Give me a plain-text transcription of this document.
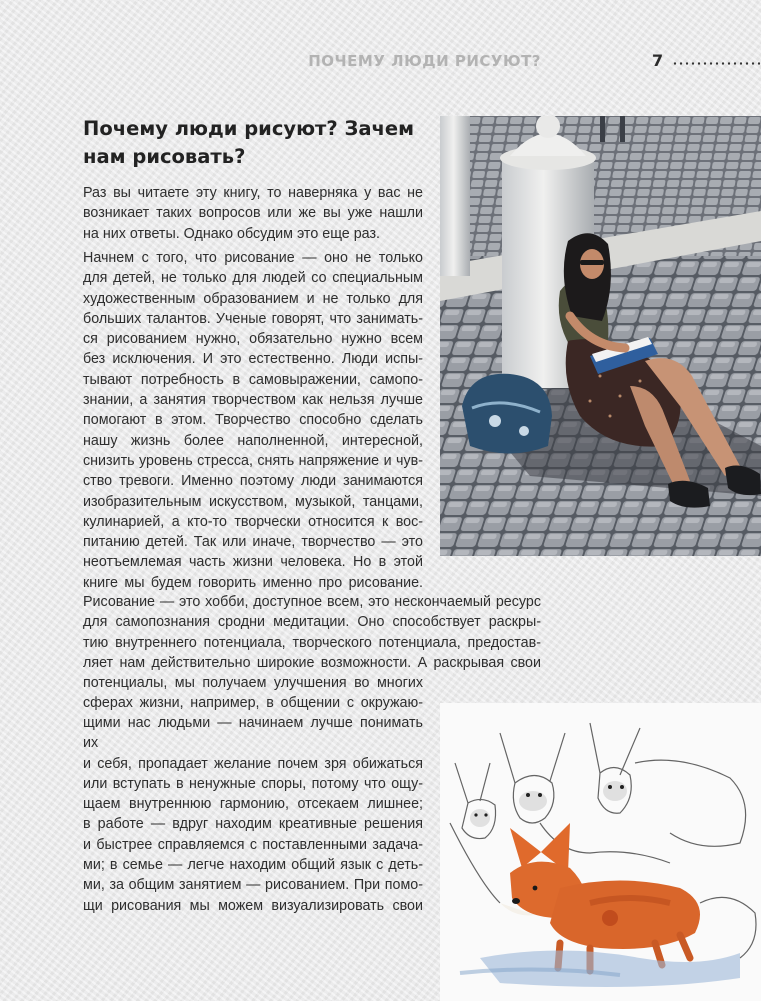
ПОЧЕМУ ЛЮДИ РИСУЮТ?	7
Почему люди рисуют? Зачем
нам рисовать?

Раз вы читаете эту книгу, то наверняка у вас не
возникает таких вопросов или же вы уже нашли
на них ответы. Однако обсудим это еще раз.

Начнем с того, что рисование — оно не только
для детей, не только для людей со специальным
художественным образованием и не только для
больших талантов. Ученые говорят, что занимать-
ся рисованием нужно, обязательно нужно всем
без исключения. И это естественно. Люди испы-
тывают потребность в самовыражении, самопо-
знании, а занятия творчеством как нельзя лучше
помогают в этом. Творчество способно сделать
нашу жизнь более наполненной, интересной,
снизить уровень стресса, снять напряжение и чув-
ство тревоги. Именно поэтому люди занимаются
изобразительным искусством, музыкой, танцами,
кулинарией, а кто-то творчески относится к вос-
питанию детей. Так или иначе, творчество — это
неотъемлемая часть жизни человека. Но в этой
книге мы будем говорить именно про рисование.

Рисование — это хобби, доступное всем, это нескончаемый ресурс
для самопознания сродни медитации. Оно способствует раскры-
тию внутреннего потенциала, творческого потенциала, предостав-
ляет нам действительно широкие возможности. А раскрывая свои
потенциалы, мы получаем улучшения во многих
сферах жизни, например, в общении с окружаю-

щими нас людьми — начинаем лучше понимать их
и себя, пропадает желание почем зря обижаться
или вступать в ненужные споры, потому что ощу-
щаем внутреннюю гармонию, отсекаем лишнее;
в работе — вдруг находим креативные решения
и быстрее справляемся с поставленными задача-
ми; в семье — легче находим общий язык с деть-
ми, за общим занятием — рисованием. При помо-
щи рисования мы можем визуализировать свои
